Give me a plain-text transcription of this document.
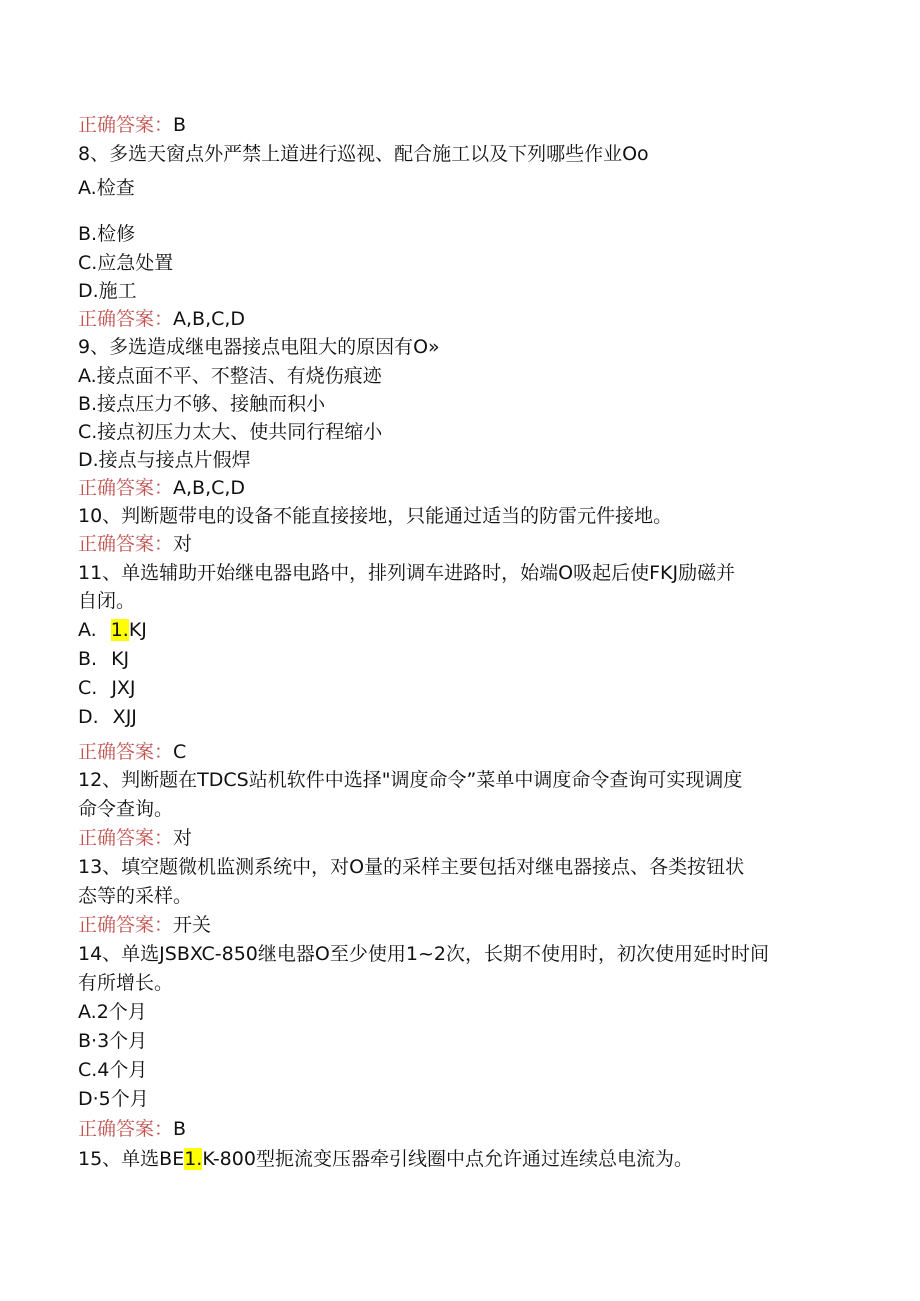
正确答案：B
8、多选天窗点外严禁上道进行巡视、配合施工以及下列哪些作业Oo
A.检查
B.检修
C.应急处置
D.施工
正确答案：A,B,C,D
9、多选造成继电器接点电阻大的原因有O»
A.接点面不平、不整洁、有烧伤痕迹
B.接点压力不够、接触而积小
C.接点初压力太大、使共同行程缩小
D.接点与接点片假焊
正确答案：A,B,C,D
10、判断题带电的设备不能直接接地，只能通过适当的防雷元件接地。
正确答案：对
11、单选辅助开始继电器电路中，排列调车进路时，始端O吸起后使FKJ励磁并
自闭。
A. 1.KJ
B. KJ
C. JXJ
D. XJJ
正确答案：C
12、判断题在TDCS站机软件中选择"调度命令”菜单中调度命令查询可实现调度
命令查询。
正确答案：对
13、填空题微机监测系统中，对O量的采样主要包括对继电器接点、各类按钮状
态等的采样。
正确答案：开关
14、单选JSBXC-850继电器O至少使用1~2次，长期不使用时，初次使用延时时间
有所增长。
A.2个月
B·3个月
C.4个月
D·5个月
正确答案：B
15、单选BE1.K-800型扼流变压器牵引线圈中点允许通过连续总电流为。
